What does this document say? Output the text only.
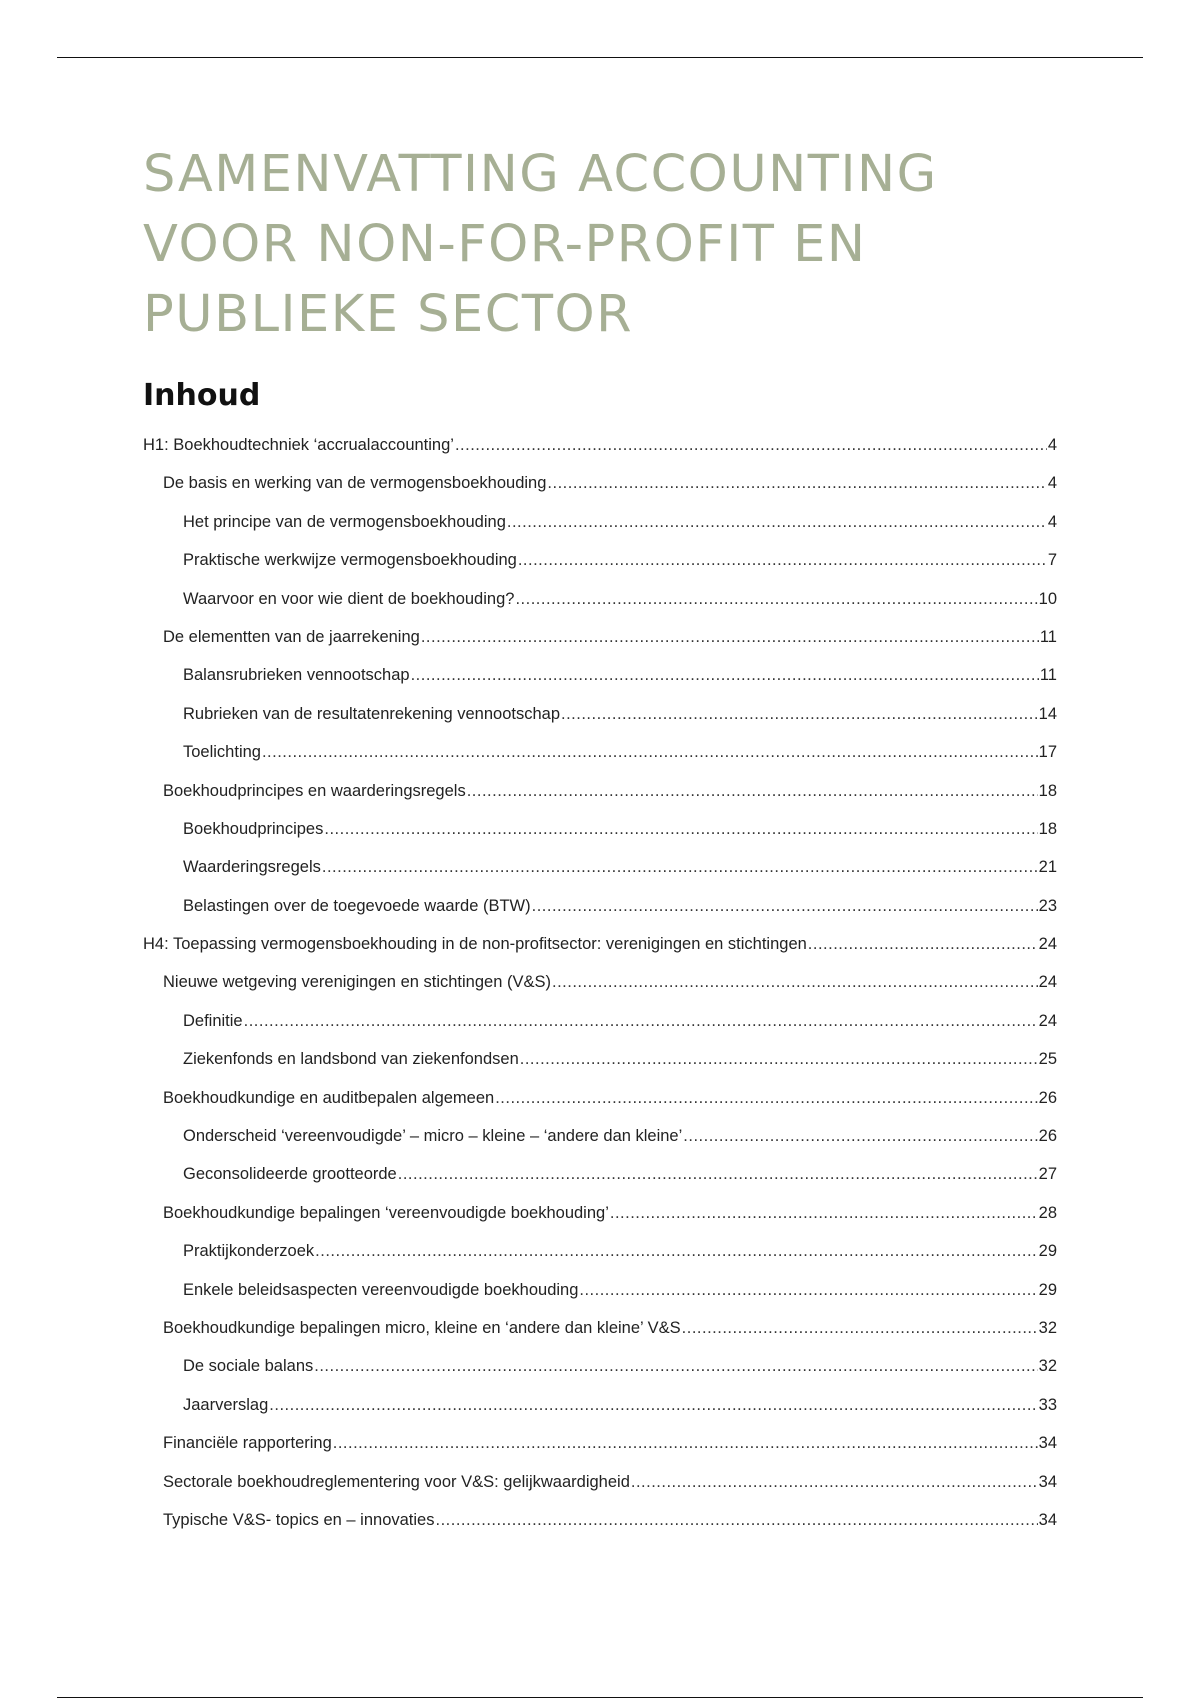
SAMENVATTING ACCOUNTING VOOR NON-FOR-PROFIT EN PUBLIEKE SECTOR
Inhoud
H1: Boekhoudtechniek ‘accrualaccounting’ .....	4
De basis en werking van de vermogensboekhouding .....	4
Het principe van de vermogensboekhouding .....	4
Praktische werkwijze vermogensboekhouding .....	7
Waarvoor en voor wie dient de boekhouding? .....	10
De elementten van de jaarrekening .....	11
Balansrubrieken vennootschap .....	11
Rubrieken van de resultatenrekening vennootschap .....	14
Toelichting .....	17
Boekhoudprincipes en waarderingsregels .....	18
Boekhoudprincipes .....	18
Waarderingsregels .....	21
Belastingen over de toegevoede waarde (BTW) .....	23
H4: Toepassing vermogensboekhouding in de non-profitsector: verenigingen en stichtingen .....	24
Nieuwe wetgeving verenigingen en stichtingen (V&S) .....	24
Definitie .....	24
Ziekenfonds en landsbond van ziekenfondsen .....	25
Boekhoudkundige en auditbepalen algemeen .....	26
Onderscheid ‘vereenvoudigde’ – micro – kleine – ‘andere dan kleine’ .....	26
Geconsolideerde grootteorde .....	27
Boekhoudkundige bepalingen ‘vereenvoudigde boekhouding’ .....	28
Praktijkonderzoek .....	29
Enkele beleidsaspecten vereenvoudigde boekhouding .....	29
Boekhoudkundige bepalingen micro, kleine en ‘andere dan kleine’ V&S .....	32
De sociale balans .....	32
Jaarverslag .....	33
Financiële rapportering .....	34
Sectorale boekhoudreglementering voor V&S: gelijkwaardigheid .....	34
Typische V&S- topics en – innovaties .....	34
